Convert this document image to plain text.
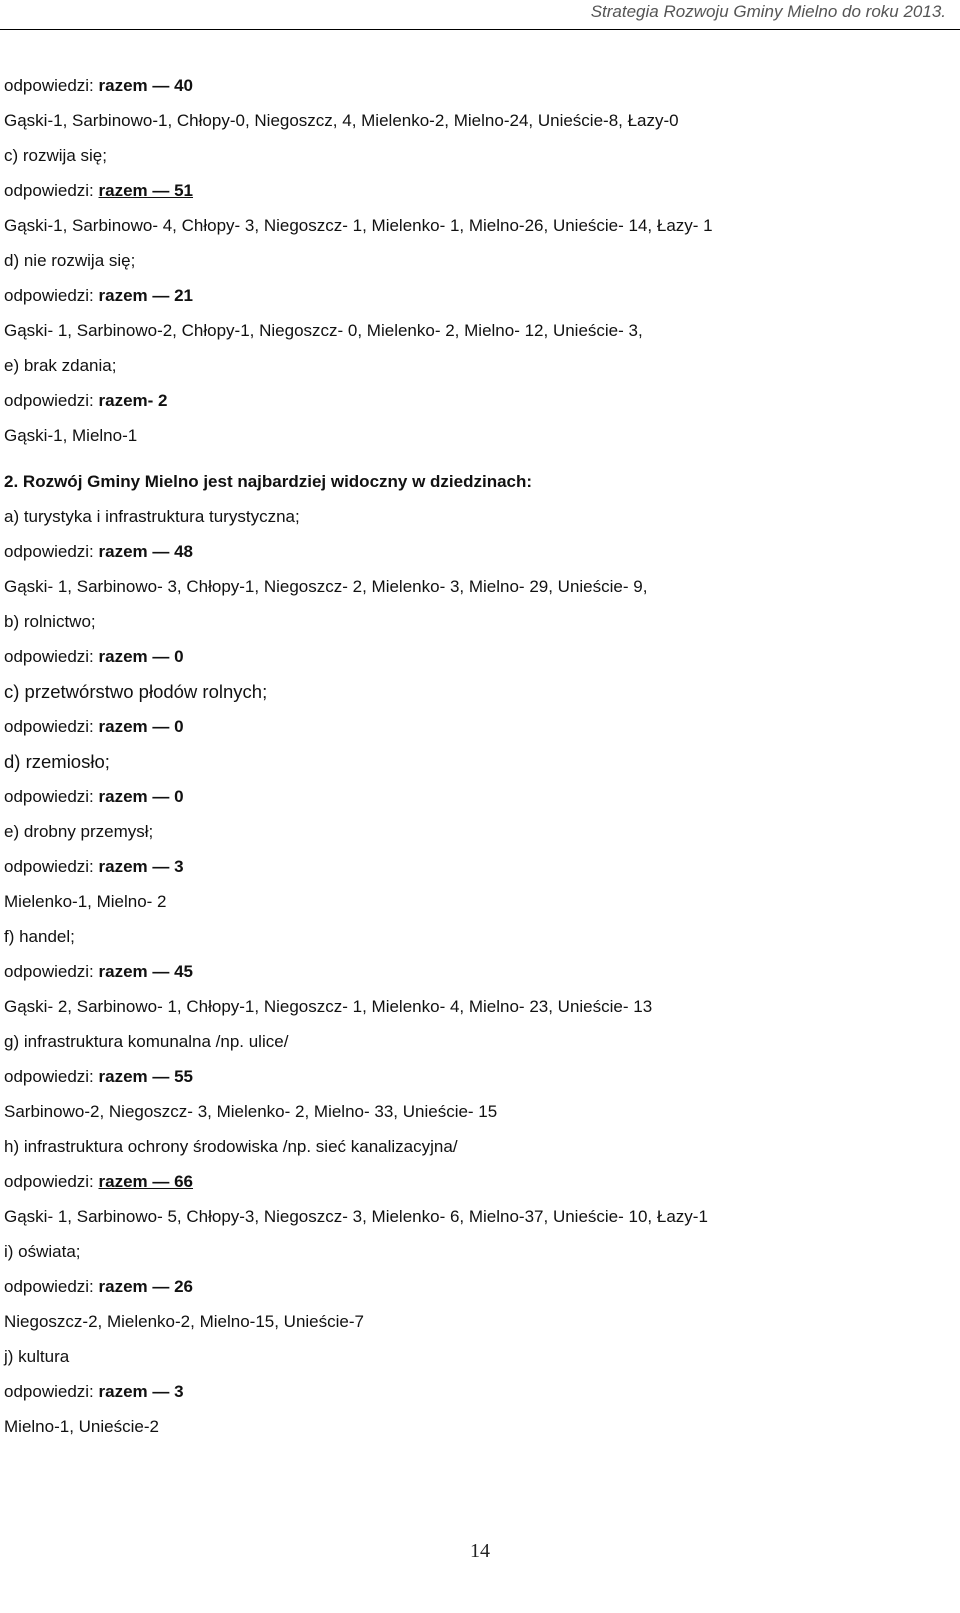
Strategia Rozwoju Gminy Mielno do roku 2013.
odpowiedzi: razem — 40
Gąski-1, Sarbinowo-1, Chłopy-0, Niegoszcz, 4, Mielenko-2, Mielno-24, Unieście-8, Łazy-0
c) rozwija się;
odpowiedzi: razem — 51
Gąski-1, Sarbinowo- 4, Chłopy- 3, Niegoszcz- 1, Mielenko- 1, Mielno-26, Unieście- 14, Łazy- 1
d) nie rozwija się;
odpowiedzi: razem — 21
Gąski- 1, Sarbinowo-2, Chłopy-1, Niegoszcz- 0, Mielenko- 2, Mielno- 12, Unieście- 3,
e) brak zdania;
odpowiedzi: razem- 2
Gąski-1, Mielno-1
2. Rozwój Gminy Mielno jest najbardziej widoczny w dziedzinach:
a) turystyka i infrastruktura turystyczna;
odpowiedzi: razem — 48
Gąski- 1, Sarbinowo- 3, Chłopy-1, Niegoszcz- 2, Mielenko- 3, Mielno- 29, Unieście- 9,
b) rolnictwo;
odpowiedzi: razem — 0
c) przetwórstwo płodów rolnych;
odpowiedzi: razem — 0
d) rzemiosło;
odpowiedzi: razem — 0
e) drobny przemysł;
odpowiedzi: razem — 3
Mielenko-1, Mielno- 2
f) handel;
odpowiedzi: razem — 45
Gąski- 2, Sarbinowo- 1, Chłopy-1, Niegoszcz- 1, Mielenko- 4, Mielno- 23, Unieście- 13
g) infrastruktura komunalna /np. ulice/
odpowiedzi: razem — 55
Sarbinowo-2, Niegoszcz- 3, Mielenko- 2, Mielno- 33, Unieście- 15
h) infrastruktura ochrony środowiska /np. sieć kanalizacyjna/
odpowiedzi: razem — 66
Gąski- 1, Sarbinowo- 5, Chłopy-3, Niegoszcz- 3, Mielenko- 6, Mielno-37, Unieście- 10, Łazy-1
i) oświata;
odpowiedzi: razem — 26
Niegoszcz-2, Mielenko-2, Mielno-15, Unieście-7
j) kultura
odpowiedzi: razem — 3
Mielno-1, Unieście-2
14
